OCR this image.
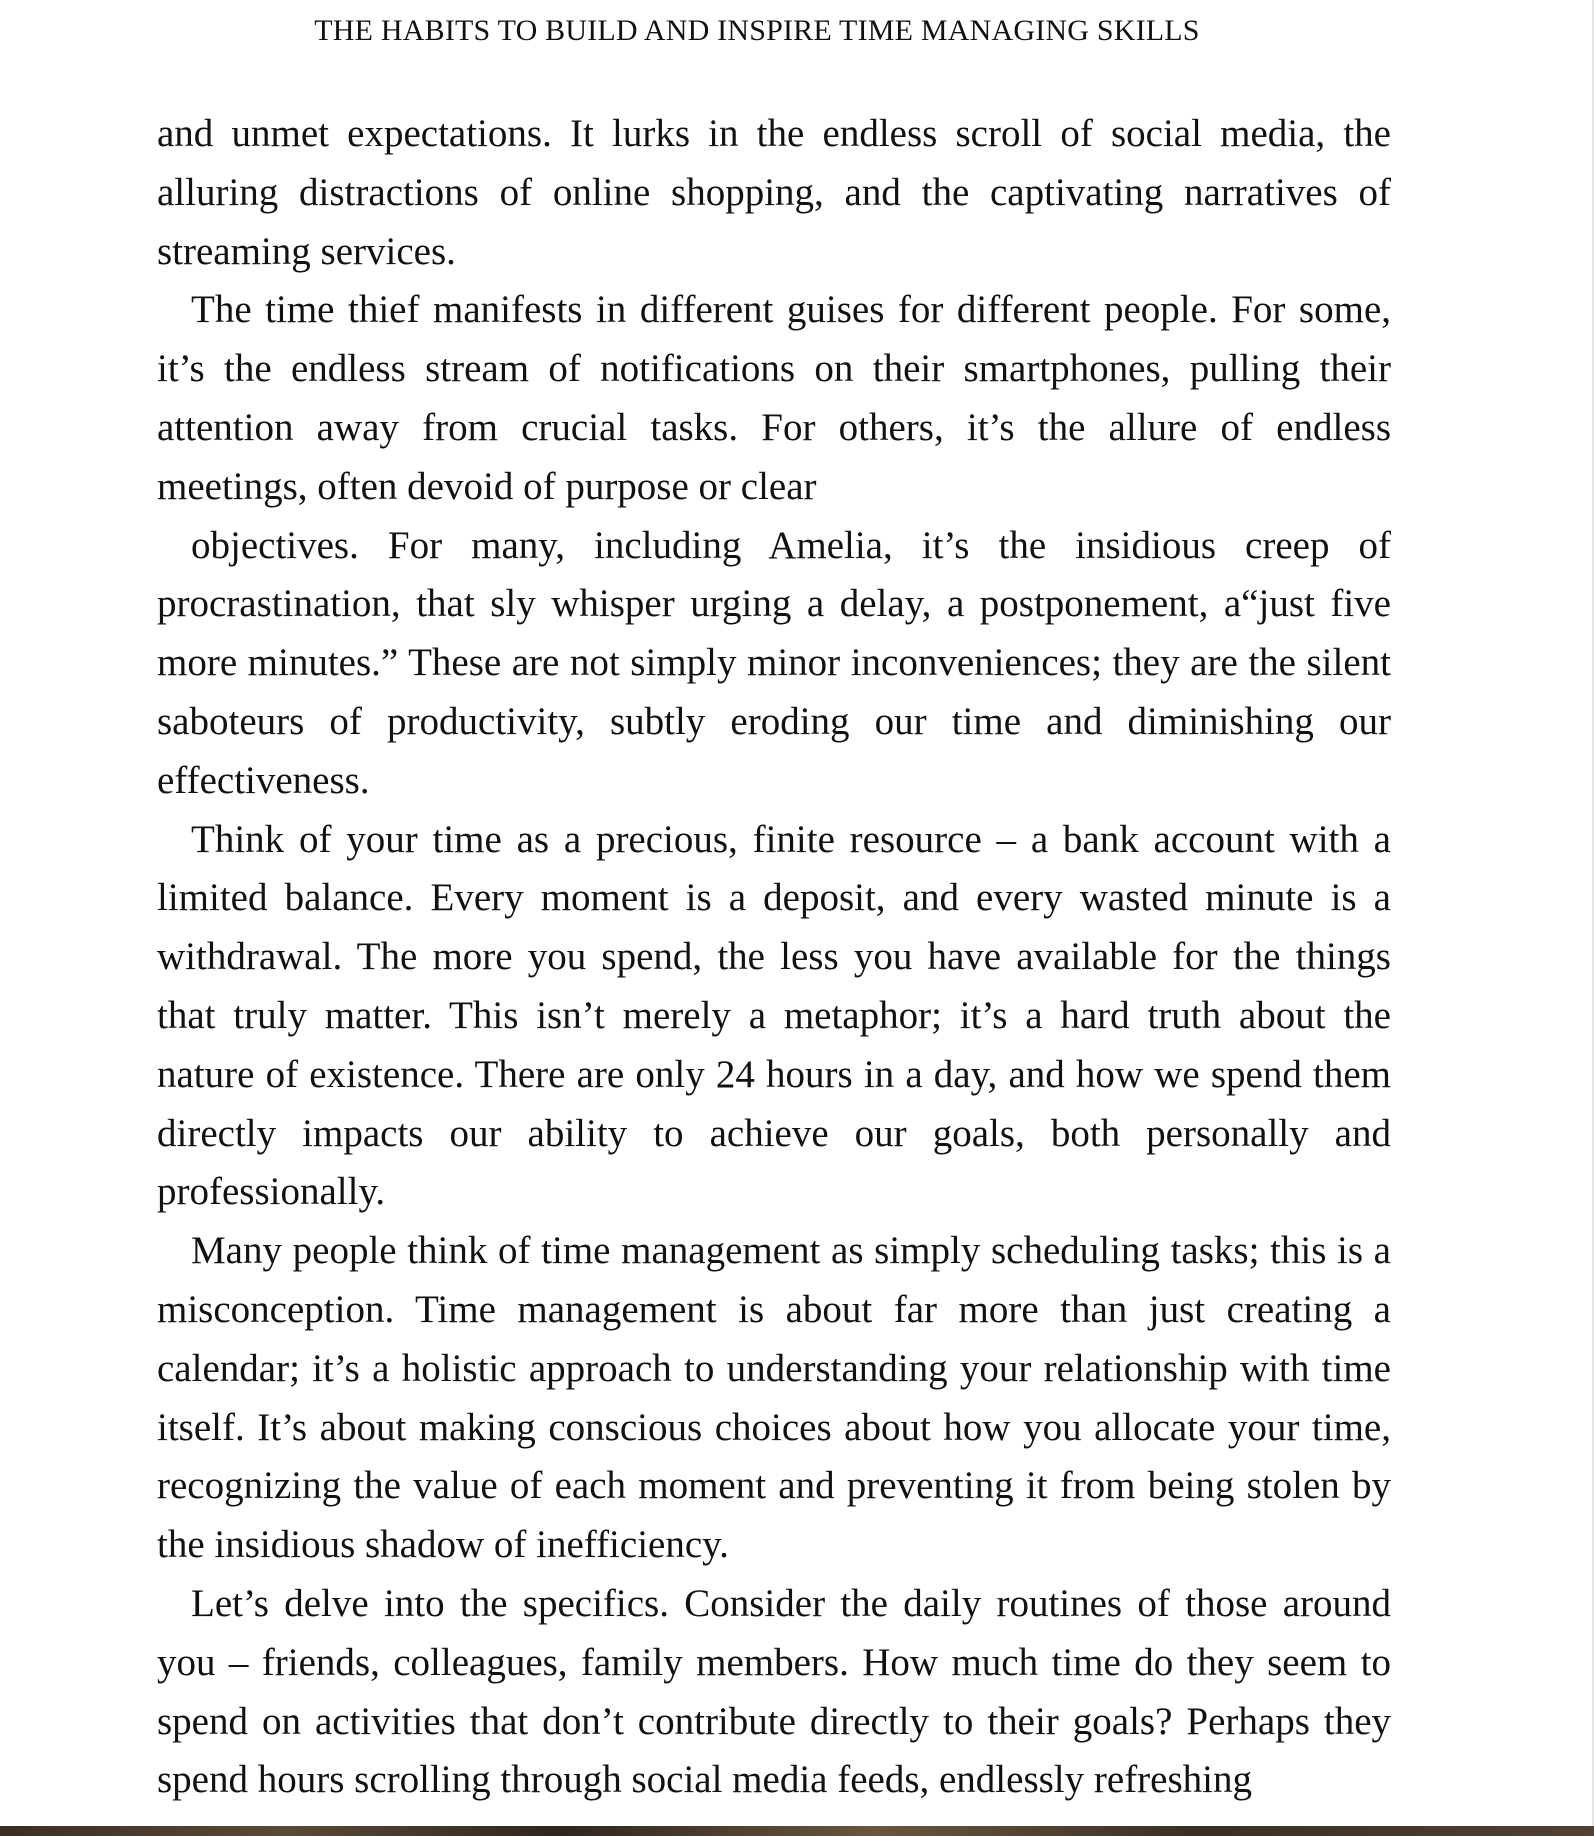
THE HABITS TO BUILD AND INSPIRE TIME MANAGING SKILLS

and unmet expectations. It lurks in the endless scroll of social media, the alluring distractions of online shopping, and the captivating narratives of streaming services.

The time thief manifests in different guises for different people. For some, it’s the endless stream of notifications on their smartphones, pulling their attention away from crucial tasks. For others, it’s the allure of endless meetings, often devoid of purpose or clear

objectives. For many, including Amelia, it’s the insidious creep of procrastination, that sly whisper urging a delay, a postponement, a“just five more minutes.” These are not simply minor inconveniences; they are the silent saboteurs of productivity, subtly eroding our time and diminishing our effectiveness.

Think of your time as a precious, finite resource – a bank account with a limited balance. Every moment is a deposit, and every wasted minute is a withdrawal. The more you spend, the less you have available for the things that truly matter. This isn’t merely a metaphor; it’s a hard truth about the nature of existence. There are only 24 hours in a day, and how we spend them directly impacts our ability to achieve our goals, both personally and professionally.

Many people think of time management as simply scheduling tasks; this is a misconception. Time management is about far more than just creating a calendar; it’s a holistic approach to understanding your relationship with time itself. It’s about making conscious choices about how you allocate your time, recognizing the value of each moment and preventing it from being stolen by the insidious shadow of inefficiency.

Let’s delve into the specifics. Consider the daily routines of those around you – friends, colleagues, family members. How much time do they seem to spend on activities that don’t contribute directly to their goals? Perhaps they spend hours scrolling through social media feeds, endlessly refreshing
